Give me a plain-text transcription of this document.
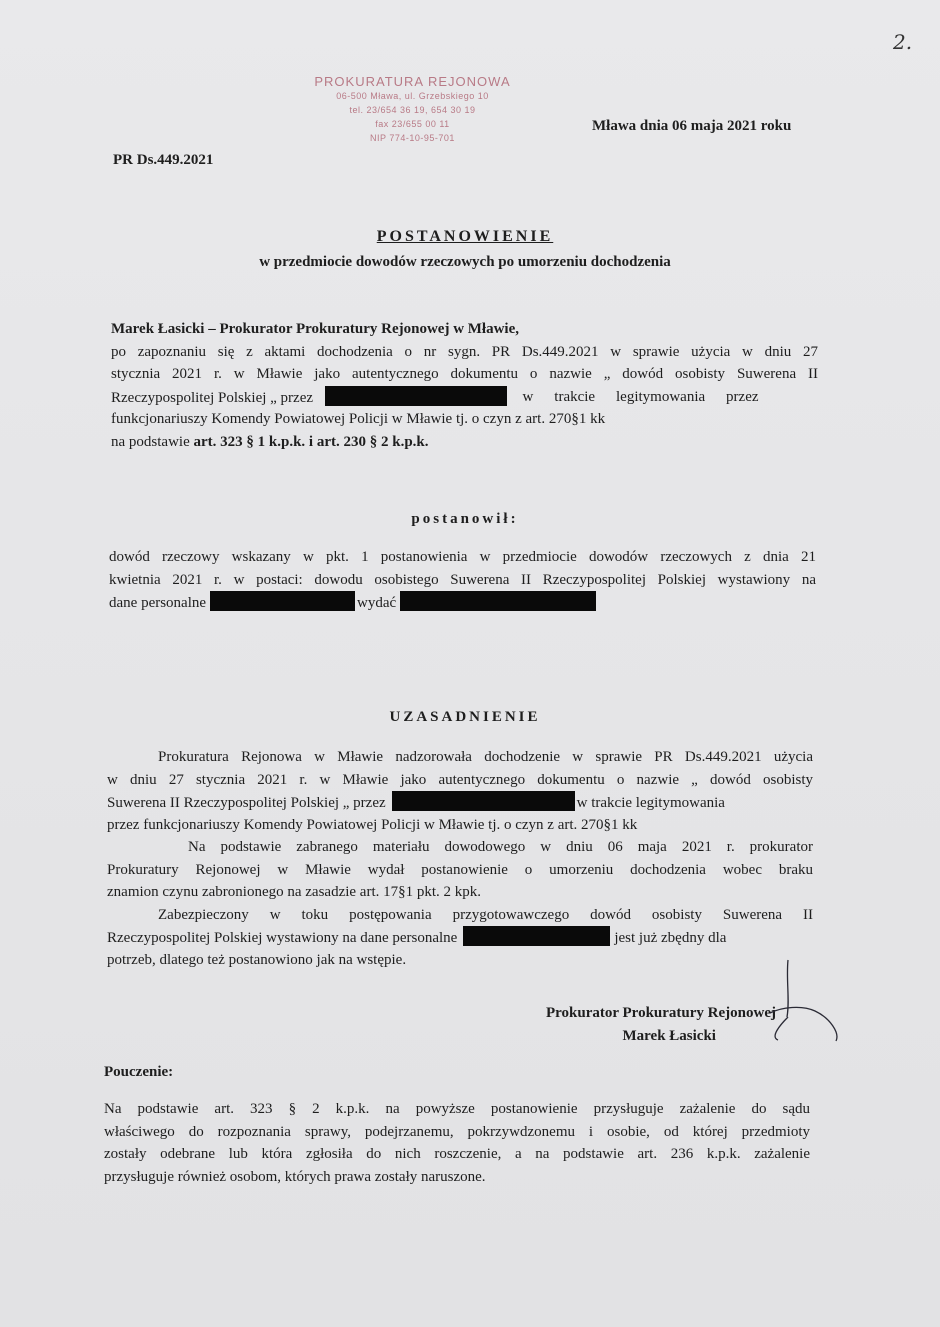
2.
PROKURATURA REJONOWA
06-500 Mława, ul. Grzebskiego 10
tel. 23/654 36 19, 654 30 19
fax 23/655 00 11
NIP 774-10-95-701
Mława dnia 06 maja 2021 roku
PR Ds.449.2021
POSTANOWIENIE
w przedmiocie dowodów rzeczowych po umorzeniu dochodzenia
Marek Łasicki – Prokurator Prokuratury Rejonowej w Mławie,
po zapoznaniu się z aktami dochodzenia o nr sygn. PR Ds.449.2021 w sprawie użycia w dniu 27
stycznia 2021 r. w Mławie jako autentycznego dokumentu o nazwie „ dowód osobisty Suwerena II
Rzeczypospolitej Polskiej „ przez	w trakcie legitymowania przez
funkcjonariuszy Komendy Powiatowej Policji w Mławie tj. o czyn z art. 270§1 kk
na podstawie art. 323 § 1 k.p.k. i art. 230 § 2 k.p.k.
postanowił:
dowód rzeczowy wskazany w pkt. 1 postanowienia w przedmiocie dowodów rzeczowych z dnia 21
kwietnia 2021 r. w postaci: dowodu osobistego Suwerena II Rzeczypospolitej Polskiej wystawiony na
dane personalne	wydać
UZASADNIENIE
Prokuratura Rejonowa w Mławie nadzorowała dochodzenie w sprawie PR Ds.449.2021 użycia
w dniu 27 stycznia 2021 r. w Mławie jako autentycznego dokumentu o nazwie „ dowód osobisty
Suwerena II Rzeczypospolitej Polskiej „ przez	w trakcie legitymowania
przez funkcjonariuszy Komendy Powiatowej Policji w Mławie tj. o czyn z art. 270§1 kk
Na podstawie zabranego materiału dowodowego w dniu 06 maja 2021 r. prokurator
Prokuratury Rejonowej w Mławie wydał postanowienie o umorzeniu dochodzenia wobec braku
znamion czynu zabronionego na zasadzie art. 17§1 pkt. 2 kpk.
Zabezpieczony w toku postępowania przygotowawczego dowód osobisty Suwerena II
Rzeczypospolitej Polskiej wystawiony na dane personalne	jest już zbędny dla
potrzeb, dlatego też postanowiono jak na wstępie.
Prokurator Prokuratury Rejonowej
Marek Łasicki
Pouczenie:
Na podstawie art. 323 § 2 k.p.k. na powyższe postanowienie przysługuje zażalenie do sądu
właściwego do rozpoznania sprawy, podejrzanemu, pokrzywdzonemu i osobie, od której przedmioty
zostały odebrane lub która zgłosiła do nich roszczenie, a na podstawie art. 236 k.p.k. zażalenie
przysługuje również osobom, których prawa zostały naruszone.
